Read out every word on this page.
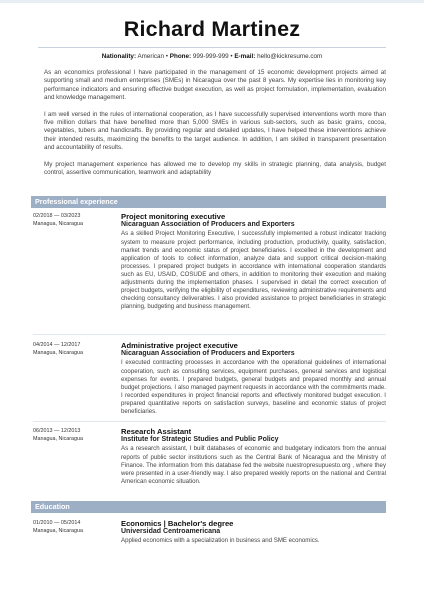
Richard Martinez
Nationality: American • Phone: 999-999-999 • E-mail: hello@kickresume.com

As an economics professional I have participated in the management of 15 economic development projects aimed at supporting small and medium enterprises (SMEs) in Nicaragua over the past 8 years. My expertise lies in monitoring key performance indicators and ensuring effective budget execution, as well as project formulation, implementation, evaluation and knowledge management.

I am well versed in the rules of international cooperation, as I have successfully supervised interventions worth more than five million dollars that have benefited more than 5,000 SMEs in various sub-sectors, such as basic grains, cocoa, vegetables, tubers and handicrafts. By providing regular and detailed updates, I have helped these interventions achieve their intended results, maximizing the benefits to the target audience. In addition, I am skilled in transparent presentation and accountability of results.

My project management experience has allowed me to develop my skills in strategic planning, data analysis, budget control, assertive communication, teamwork and adaptability

Professional experience
02/2018 — 03/2023
Managua, Nicaragua
Project monitoring executive
Nicaraguan Association of Producers and Exporters
As a skilled Project Monitoring Executive, I successfully implemented a robust indicator tracking system to measure project performance, including production, productivity, quality, satisfaction, market trends and economic status of project beneficiaries. I excelled in the development and application of tools to collect information, analyze data and support critical decision-making processes. I prepared project budgets in accordance with international cooperation standards such as EU, USAID, COSUDE and others, in addition to monitoring their execution and making adjustments during the implementation phases. I supervised in detail the correct execution of project budgets, verifying the eligibility of expenditures, reviewing administrative requirements and checking consultancy deliverables. I also provided assistance to project beneficiaries in strategic planning, budgeting and business management.
04/2014 — 12/2017
Managua, Nicaragua
Administrative project executive
Nicaraguan Association of Producers and Exporters
I executed contracting processes in accordance with the operational guidelines of international cooperation, such as consulting services, equipment purchases, general services and logistical expenses for events. I prepared budgets, general budgets and prepared monthly and annual budget projections. I also managed payment requests in accordance with the commitments made. I recorded expenditures in project financial reports and effectively monitored budget execution. I prepared quantitative reports on satisfaction surveys, baseline and economic status of project beneficiaries.
06/2013 — 12/2013
Managua, Nicaragua
Research Assistant
Institute for Strategic Studies and Public Policy
As a research assistant, I built databases of economic and budgetary indicators from the annual reports of public sector institutions such as the Central Bank of Nicaragua and the Ministry of Finance. The information from this database fed the website nuestropresupuesto.org , where they were presented in a user-friendly way. I also prepared weekly reports on the national and Central American economic situation.
Education
01/2010 — 05/2014
Managua, Nicaragua
Economics | Bachelor's degree
Universidad Centroamericana
Applied economics with a specialization in business and SME economics.
